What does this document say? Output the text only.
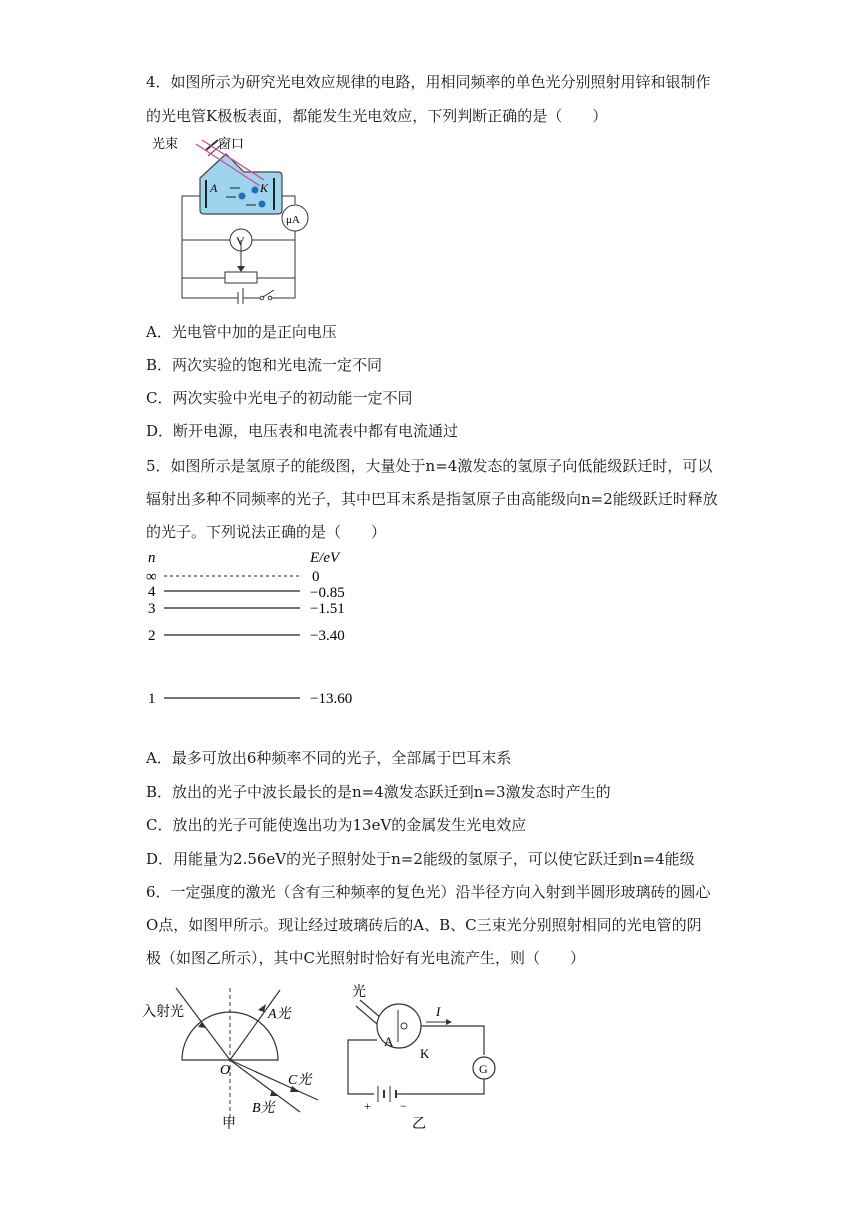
4．如图所示为研究光电效应规律的电路，用相同频率的单色光分别照射用锌和银制作
的光电管K极板表面，都能发生光电效应，下列判断正确的是（　　）
光束	窗口
A	K
μA
V
A．光电管中加的是正向电压
B．两次实验的饱和光电流一定不同
C．两次实验中光电子的初动能一定不同
D．断开电源，电压表和电流表中都有电流通过
5．如图所示是氢原子的能级图，大量处于n=4激发态的氢原子向低能级跃迁时，可以
辐射出多种不同频率的光子，其中巴耳末系是指氢原子由高能级向n=2能级跃迁时释放
的光子。下列说法正确的是（　　）
n	E/eV
∞	0
4	−0.85
3	−1.51
2	−3.40
1	−13.60
A．最多可放出6种频率不同的光子，全部属于巴耳末系
B．放出的光子中波长最长的是n=4激发态跃迁到n=3激发态时产生的
C．放出的光子可能使逸出功为13eV的金属发生光电效应
D．用能量为2.56eV的光子照射处于n=2能级的氢原子，可以使它跃迁到n=4能级
6．一定强度的激光（含有三种频率的复色光）沿半径方向入射到半圆形玻璃砖的圆心
O点，如图甲所示。现让经过玻璃砖后的A、B、C三束光分别照射相同的光电管的阴
极（如图乙所示），其中C光照射时恰好有光电流产生，则（　　）
入射光	A光
C光
B光
O
甲
光
A
K
I
G
+ −
乙
